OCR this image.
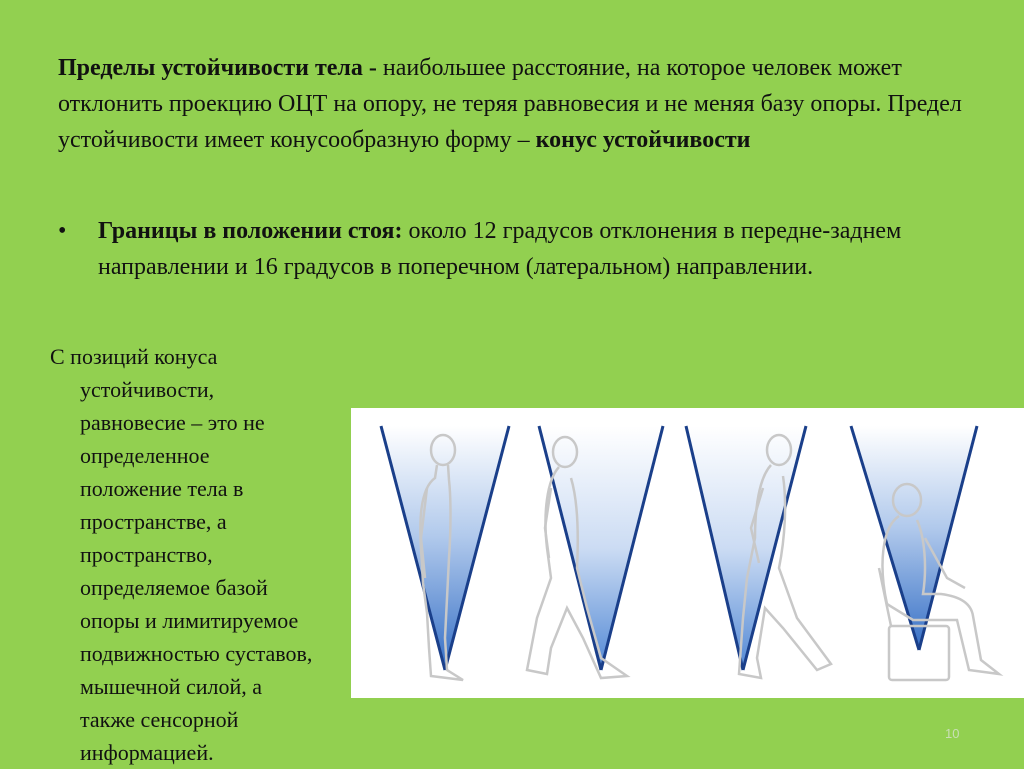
Пределы устойчивости тела - наибольшее расстояние, на которое человек может отклонить проекцию ОЦТ на опору, не теряя равновесия и не меняя базу опоры. Предел устойчивости имеет конусообразную форму – конус устойчивости

•	Границы в положении стоя: около 12 градусов отклонения в передне-заднем направлении и 16 градусов в поперечном (латеральном) направлении.
С позиций конуса
устойчивости,
равновесие – это не
определенное
положение тела в
пространстве, а
пространство,
определяемое базой
опоры и лимитируемое
подвижностью суставов,
мышечной силой, а
также сенсорной
информацией.
10
